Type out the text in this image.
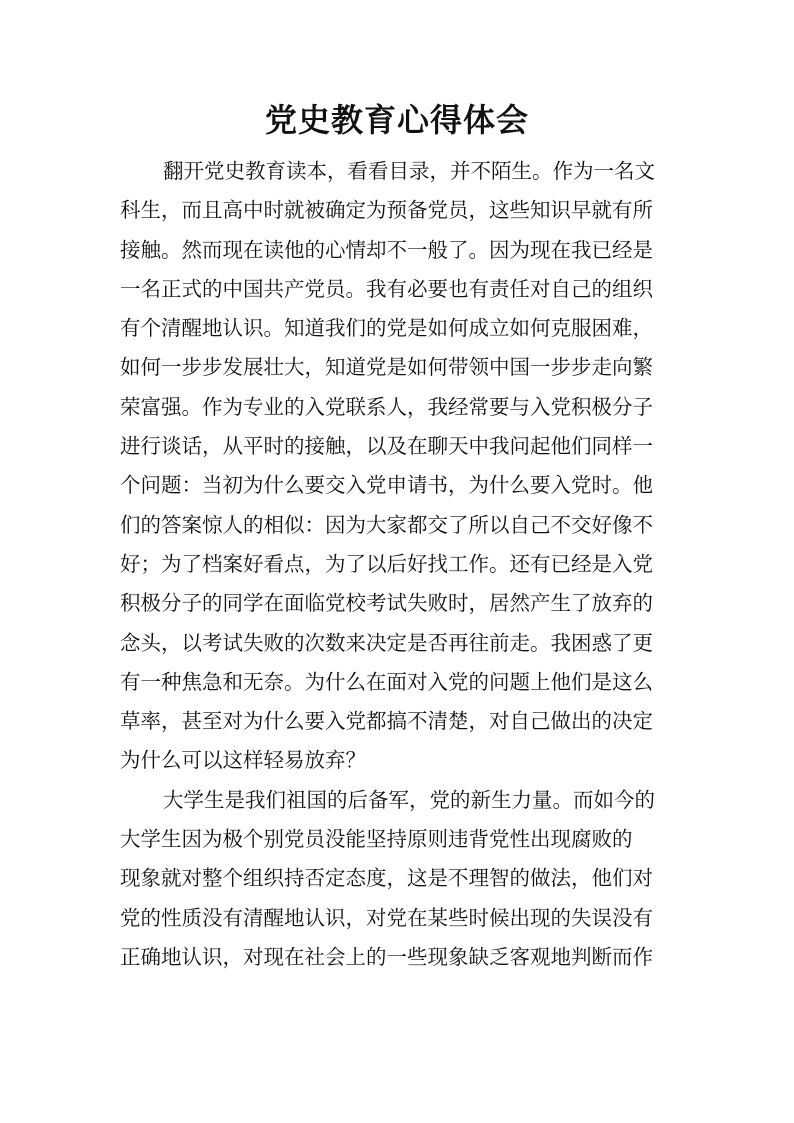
党史教育心得体会
翻开党史教育读本，看看目录，并不陌生。作为一名文
科生，而且高中时就被确定为预备党员，这些知识早就有所
接触。然而现在读他的心情却不一般了。因为现在我已经是
一名正式的中国共产党员。我有必要也有责任对自己的组织
有个清醒地认识。知道我们的党是如何成立如何克服困难，
如何一步步发展壮大，知道党是如何带领中国一步步走向繁
荣富强。作为专业的入党联系人，我经常要与入党积极分子
进行谈话，从平时的接触，以及在聊天中我问起他们同样一
个问题：当初为什么要交入党申请书，为什么要入党时。他
们的答案惊人的相似：因为大家都交了所以自己不交好像不
好；为了档案好看点，为了以后好找工作。还有已经是入党
积极分子的同学在面临党校考试失败时，居然产生了放弃的
念头，以考试失败的次数来决定是否再往前走。我困惑了更
有一种焦急和无奈。为什么在面对入党的问题上他们是这么
草率，甚至对为什么要入党都搞不清楚，对自己做出的决定
为什么可以这样轻易放弃？
大学生是我们祖国的后备军，党的新生力量。而如今的
大学生因为极个别党员没能坚持原则违背党性出现腐败的
现象就对整个组织持否定态度，这是不理智的做法，他们对
党的性质没有清醒地认识，对党在某些时候出现的失误没有
正确地认识，对现在社会上的一些现象缺乏客观地判断而作
